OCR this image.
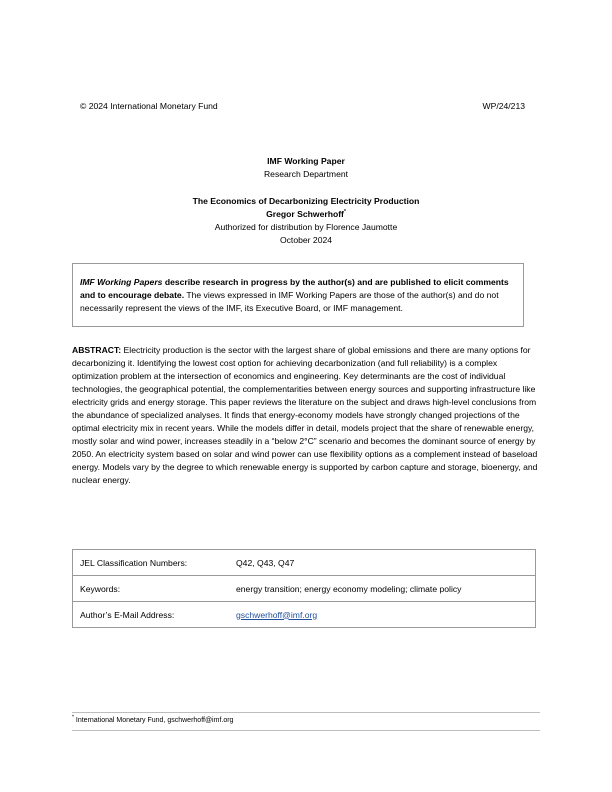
© 2024 International Monetary Fund	WP/24/213
IMF Working Paper
Research Department
The Economics of Decarbonizing Electricity Production
Gregor Schwerhoff*
Authorized for distribution by Florence Jaumotte
October 2024
IMF Working Papers describe research in progress by the author(s) and are published to elicit comments and to encourage debate. The views expressed in IMF Working Papers are those of the author(s) and do not necessarily represent the views of the IMF, its Executive Board, or IMF management.
ABSTRACT: Electricity production is the sector with the largest share of global emissions and there are many options for decarbonizing it. Identifying the lowest cost option for achieving decarbonization (and full reliability) is a complex optimization problem at the intersection of economics and engineering. Key determinants are the cost of individual technologies, the geographical potential, the complementarities between energy sources and supporting infrastructure like electricity grids and energy storage. This paper reviews the literature on the subject and draws high-level conclusions from the abundance of specialized analyses. It finds that energy-economy models have strongly changed projections of the optimal electricity mix in recent years. While the models differ in detail, models project that the share of renewable energy, mostly solar and wind power, increases steadily in a “below 2°C” scenario and becomes the dominant source of energy by 2050. An electricity system based on solar and wind power can use flexibility options as a complement instead of baseload energy. Models vary by the degree to which renewable energy is supported by carbon capture and storage, bioenergy, and nuclear energy.
JEL Classification Numbers:	Q42, Q43, Q47
Keywords:	energy transition; energy economy modeling; climate policy
Author’s E-Mail Address:	gschwerhoff@imf.org
* International Monetary Fund, gschwerhoff@imf.org
